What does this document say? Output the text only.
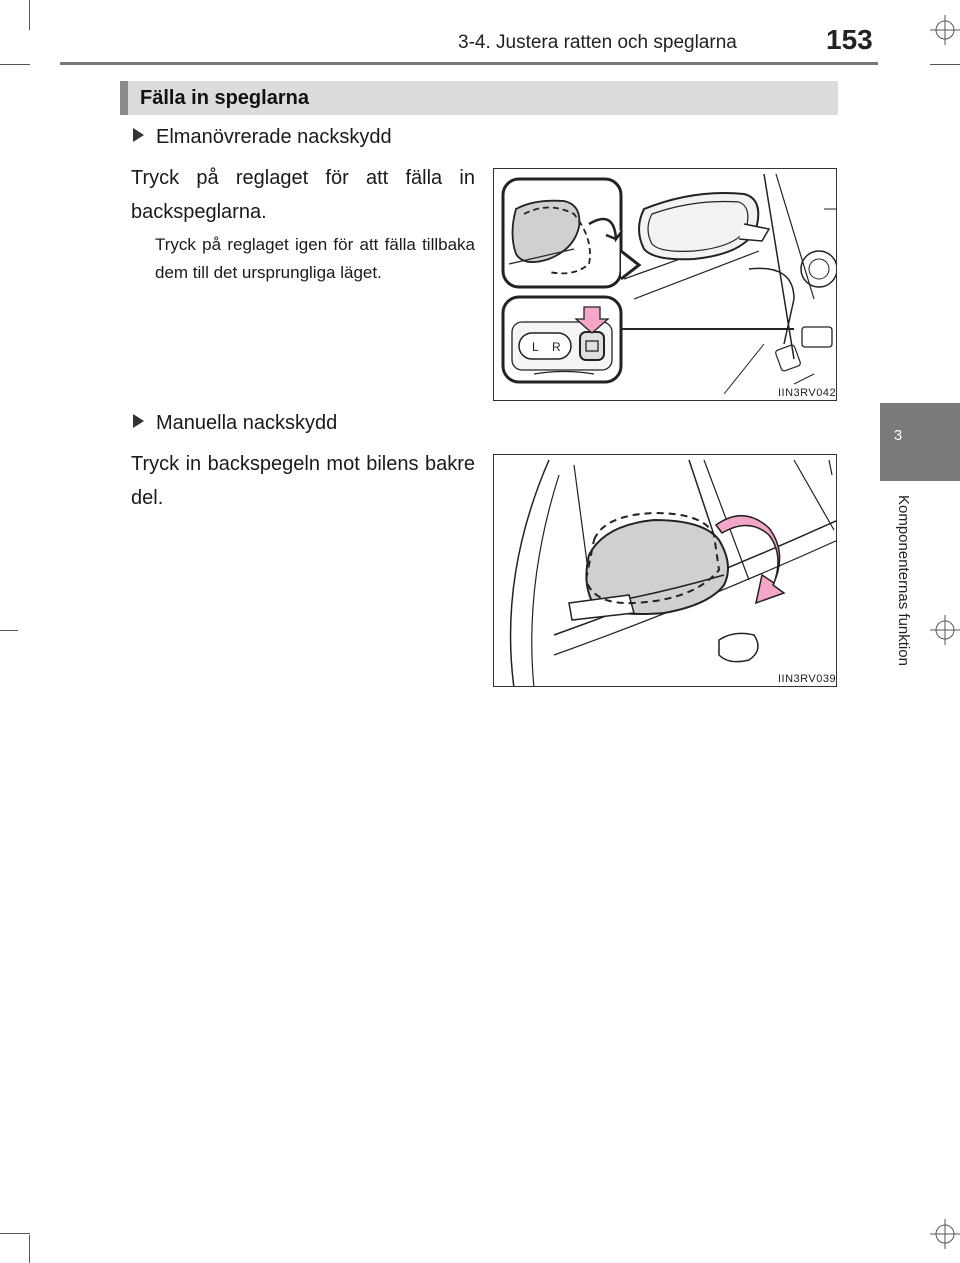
3-4. Justera ratten och speglarna	153
3
Komponenternas funktion
Fälla in speglarna
Elmanövrerade nackskydd
Tryck på reglaget för att fälla in backspeglarna.
Tryck på reglaget igen för att fälla tillbaka dem till det ursprungliga läget.
L R
IIN3RV042
Manuella nackskydd
Tryck in backspegeln mot bilens bakre del.
IIN3RV039
